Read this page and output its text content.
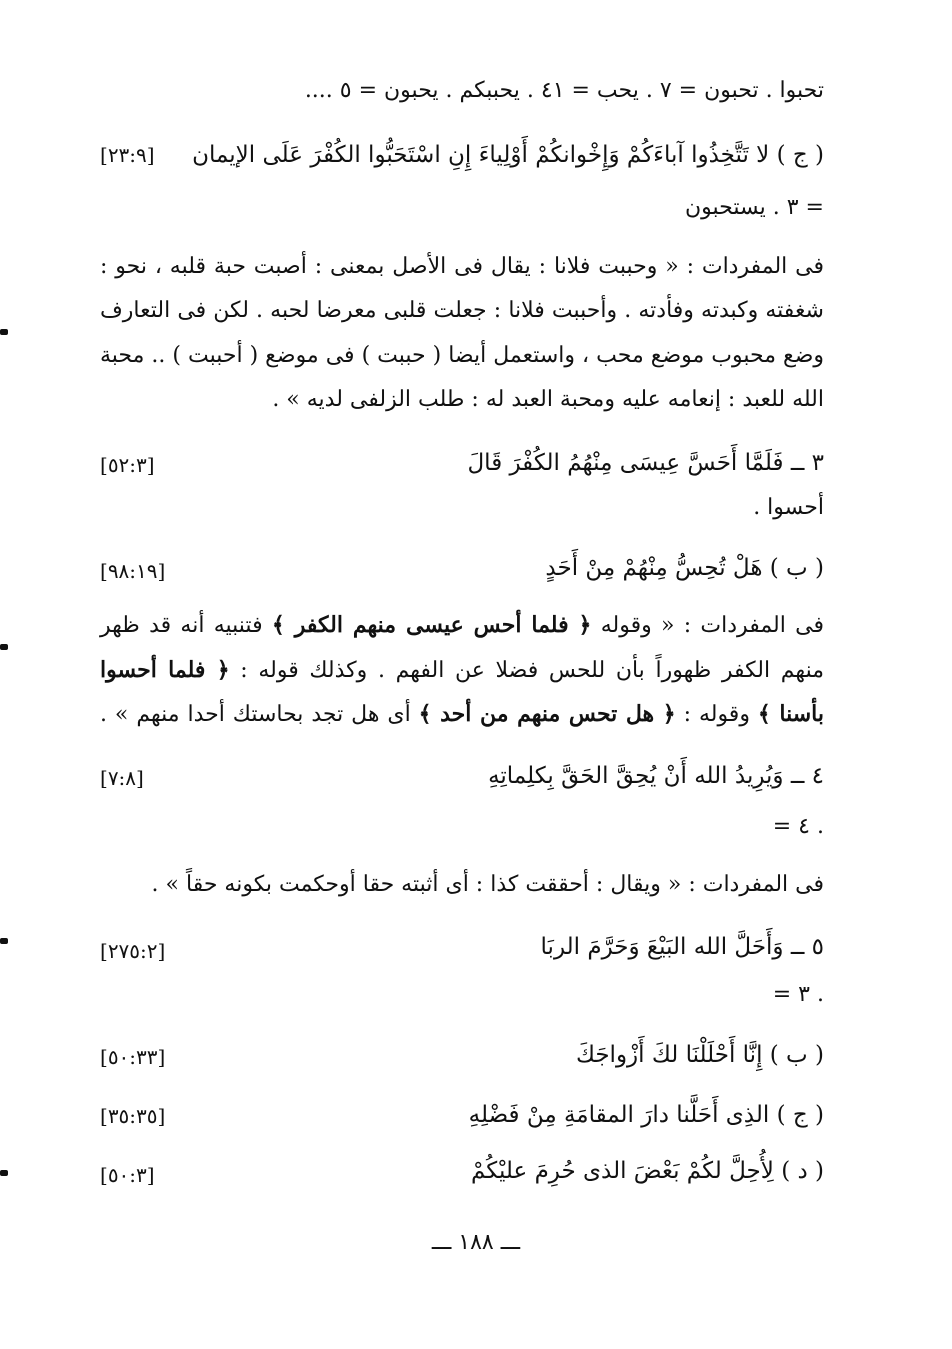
تحبوا . تحبون = ٧ . يحب = ٤١ . يحببكم . يحبون = ٥ ....
( ج ) لا تَتَّخِذُوا آباءَكُمْ وَإِخْوانكُمْ أَوْلِياءَ إِنِ اسْتَحَبُّوا الكُفْرَ عَلَى الإيمان
[٢٣:٩]
= ٣ . يستحبون
فى المفردات : « وحببت فلانا : يقال فى الأصل بمعنى : أصبت حبة قلبه ، نحو :
شغفته وكبدته وفأدته . وأحببت فلانا : جعلت قلبى معرضا لحبه . لكن فى التعارف
وضع محبوب موضع محب ، واستعمل أيضا ( حببت ) فى موضع ( أحببت ) .. محبة
الله للعبد : إنعامه عليه ومحبة العبد له : طلب الزلفى لديه » .
٣ ــ فَلَمَّا أَحَسَّ عِيسَى مِنْهُمُ الكُفْرَ قَالَ
[٥٢:٣]
أحسوا .
( ب ) هَلْ تُحِسُّ مِنْهُمْ مِنْ أَحَدٍ
[٩٨:١٩]
فى المفردات : « وقوله ﴿ فلما أحس عيسى منهم الكفر ﴾ فتنبيه أنه قد ظهر
منهم الكفر ظهوراً بأن للحس فضلا عن الفهم . وكذلك قوله : ﴿ فلما أحسوا
بأسنا ﴾ وقوله : ﴿ هل تحس منهم من أحد ﴾ أى هل تجد بحاستك أحدا منهم » .
٤ ــ وَيُرِيدُ الله أَنْ يُحِقَّ الحَقَّ بِكلِماتِهِ
[٧:٨]
= ٤ .
فى المفردات : « ويقال : أحققت كذا : أى أثبته حقا أوحكمت بكونه حقاً » .
٥ ــ وَأَحَلَّ الله البَيْعَ وَحَرَّمَ الربَا
[٢٧٥:٢]
= ٣ .
( ب ) إِنَّا أَحْلَلْنَا لكَ أَزْواجَكَ
[٥٠:٣٣]
( ج ) الذِى أَحَلَّنا دارَ المقامَةِ مِنْ فَضْلِهِ
[٣٥:٣٥]
( د ) لِأُحِلَّ لكُمْ بَعْضَ الذى حُرِمَ عليْكُمْ
[٥٠:٣]
ـــ ١٨٨ ـــ
